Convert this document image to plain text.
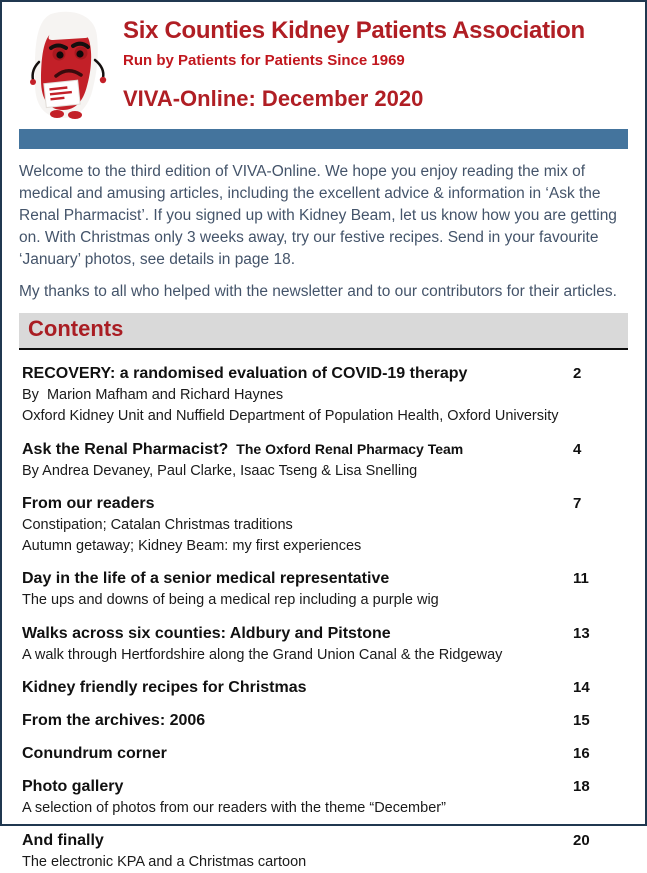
Six Counties Kidney Patients Association
Run by Patients for Patients Since 1969
VIVA-Online: December 2020

Welcome to the third edition of VIVA-Online. We hope you enjoy reading the mix of medical and amusing articles, including the excellent advice & information in ‘Ask the Renal Pharmacist’. If you signed up with Kidney Beam, let us know how you are getting on. With Christmas only 3 weeks away, try our festive recipes. Send in your favourite ‘January’ photos, see details in page 18.

My thanks to all who helped with the newsletter and to our contributors for their articles.

Contents
RECOVERY: a randomised evaluation of COVID-19 therapy	2
By  Marion Mafham and Richard Haynes
Oxford Kidney Unit and Nuffield Department of Population Health, Oxford University
Ask the Renal Pharmacist? The Oxford Renal Pharmacy Team	4
By Andrea Devaney, Paul Clarke, Isaac Tseng & Lisa Snelling
From our readers	7
Constipation; Catalan Christmas traditions
Autumn getaway; Kidney Beam: my first experiences
Day in the life of a senior medical representative	11
The ups and downs of being a medical rep including a purple wig
Walks across six counties: Aldbury and Pitstone	13
A walk through Hertfordshire along the Grand Union Canal & the Ridgeway
Kidney friendly recipes for Christmas	14
From the archives: 2006	15
Conundrum corner	16
Photo gallery	18
A selection of photos from our readers with the theme “December”
And finally	20
The electronic KPA and a Christmas cartoon
